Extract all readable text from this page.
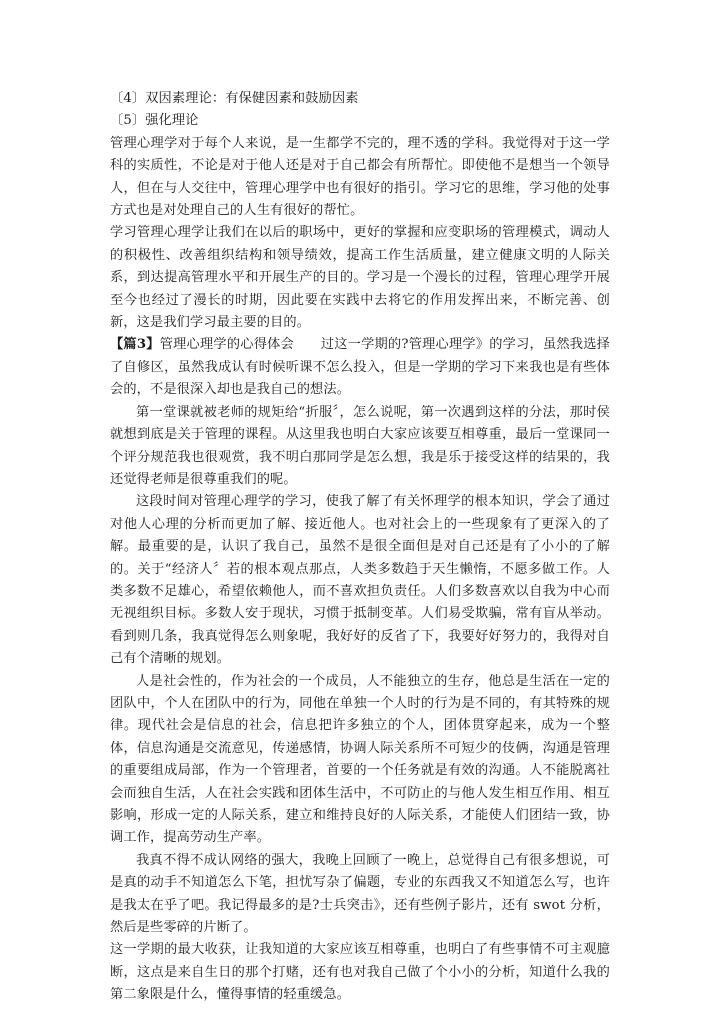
〔4〕双因素理论：有保健因素和鼓励因素
〔5〕强化理论

管理心理学对于每个人来说，是一生都学不完的，理不透的学科。我觉得对于这一学科的实质性，不论是对于他人还是对于自己都会有所帮忙。即使他不是想当一个领导人，但在与人交往中，管理心理学中也有很好的指引。学习它的思维，学习他的处事方式也是对处理自己的人生有很好的帮忙。

学习管理心理学让我们在以后的职场中，更好的掌握和应变职场的管理模式，调动人的积极性、改善组织结构和领导绩效，提高工作生活质量，建立健康文明的人际关系，到达提高管理水平和开展生产的目的。学习是一个漫长的过程，管理心理学开展至今也经过了漫长的时期，因此要在实践中去将它的作用发挥出来，不断完善、创新，这是我们学习最主要的目的。

【篇3】管理心理学的心得体会　　过这一学期的?管理心理学》的学习，虽然我选择了自修区，虽然我成认有时候听课不怎么投入，但是一学期的学习下来我也是有些体会的，不是很深入却也是我自己的想法。

第一堂课就被老师的规矩给“折服〞，怎么说呢，第一次遇到这样的分法，那时侯就想到底是关于管理的课程。从这里我也明白大家应该要互相尊重，最后一堂课同一个评分规范我也很观赏，我不明白那同学是怎么想，我是乐于接受这样的结果的，我还觉得老师是很尊重我们的呢。

这段时间对管理心理学的学习，使我了解了有关怀理学的根本知识，学会了通过对他人心理的分析而更加了解、接近他人。也对社会上的一些现象有了更深入的了解。最重要的是，认识了我自己，虽然不是很全面但是对自己还是有了小小的了解的。关于“经济人〞若的根本观点那点，人类多数趋于天生懒惰，不愿多做工作。人类多数不足雄心，希望依赖他人，而不喜欢担负责任。人们多数喜欢以自我为中心而无视组织目标。多数人安于现状，习惯于抵制变革。人们易受欺骗，常有盲从举动。看到则几条，我真觉得怎么则象呢，我好好的反省了下，我要好好努力的，我得对自己有个清晰的规划。

人是社会性的，作为社会的一个成员，人不能独立的生存，他总是生活在一定的团队中，个人在团队中的行为，同他在单独一个人时的行为是不同的，有其特殊的规律。现代社会是信息的社会，信息把许多独立的个人，团体贯穿起来，成为一个整体，信息沟通是交流意见，传递感情，协调人际关系所不可短少的伎俩，沟通是管理的重要组成局部，作为一个管理者，首要的一个任务就是有效的沟通。人不能脱离社会而独自生活，人在社会实践和团体生活中，不可防止的与他人发生相互作用、相互影响，形成一定的人际关系，建立和维持良好的人际关系，才能使人们团结一致，协调工作，提高劳动生产率。

我真不得不成认网络的强大，我晚上回顾了一晚上，总觉得自己有很多想说，可是真的动手不知道怎么下笔，担忧写杂了偏题，专业的东西我又不知道怎么写，也许是我太在乎了吧。我记得最多的是?士兵突击》，还有些例子影片，还有 swot 分析，然后是些零碎的片断了。

这一学期的最大收获，让我知道的大家应该互相尊重，也明白了有些事情不可主观臆断，这点是来自生日的那个打赌，还有也对我自己做了个小小的分析，知道什么我的第二象限是什么，懂得事情的轻重缓急。
